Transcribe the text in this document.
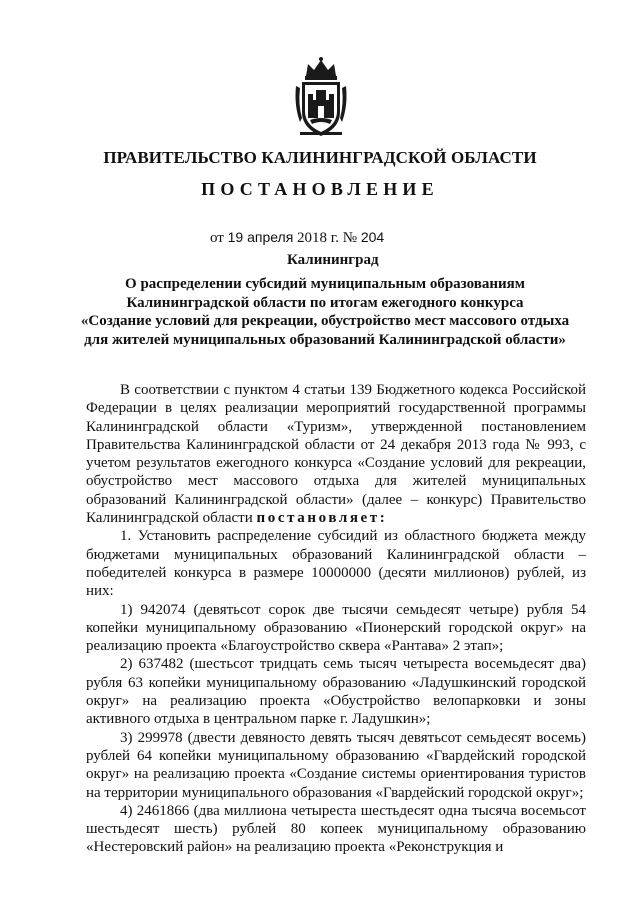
ПРАВИТЕЛЬСТВО КАЛИНИНГРАДСКОЙ ОБЛАСТИ
ПОСТАНОВЛЕНИЕ
от 19 апреля 2018 г. № 204
Калининград
О распределении субсидий муниципальным образованиям
Калининградской области по итогам ежегодного конкурса
«Создание условий для рекреации, обустройство мест массового отдыха
для жителей муниципальных образований Калининградской области»

В соответствии с пунктом 4 статьи 139 Бюджетного кодекса Российской Федерации в целях реализации мероприятий государственной программы Калининградской области «Туризм», утвержденной постановлением Правительства Калининградской области от 24 декабря 2013 года № 993, с учетом результатов ежегодного конкурса «Создание условий для рекреации, обустройство мест массового отдыха для жителей муниципальных образований Калининградской области» (далее – конкурс) Правительство Калининградской области постановляет:

1. Установить распределение субсидий из областного бюджета между бюджетами муниципальных образований Калининградской области – победителей конкурса в размере 10000000 (десяти миллионов) рублей, из них:

1) 942074 (девятьсот сорок две тысячи семьдесят четыре) рубля 54 копейки муниципальному образованию «Пионерский городской округ» на реализацию проекта «Благоустройство сквера «Рантава» 2 этап»;

2) 637482 (шестьсот тридцать семь тысяч четыреста восемьдесят два) рубля 63 копейки муниципальному образованию «Ладушкинский городской округ» на реализацию проекта «Обустройство велопарковки и зоны активного отдыха в центральном парке г. Ладушкин»;

3) 299978 (двести девяносто девять тысяч девятьсот семьдесят восемь) рублей 64 копейки муниципальному образованию «Гвардейский городской округ» на реализацию проекта «Создание системы ориентирования туристов на территории муниципального образования «Гвардейский городской округ»;

4) 2461866 (два миллиона четыреста шестьдесят одна тысяча восемьсот шестьдесят шесть) рублей 80 копеек муниципальному образованию «Нестеровский район» на реализацию проекта «Реконструкция и
